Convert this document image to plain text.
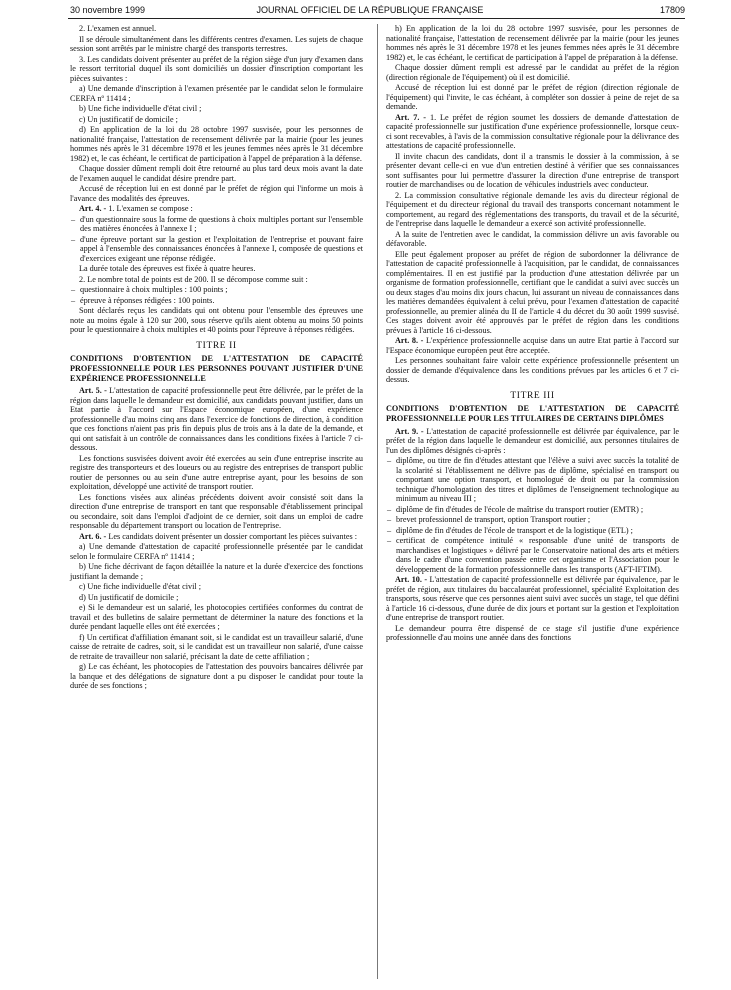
30 novembre 1999	JOURNAL OFFICIEL DE LA RÉPUBLIQUE FRANÇAISE	17809

2. L'examen est annuel.

Il se déroule simultanément dans les différents centres d'examen. Les sujets de chaque session sont arrêtés par le ministre chargé des transports terrestres.

3. Les candidats doivent présenter au préfet de la région siège d'un jury d'examen dans le ressort territorial duquel ils sont domiciliés un dossier d'inscription comportant les pièces suivantes :

a) Une demande d'inscription à l'examen présentée par le candidat selon le formulaire CERFA nº 11414 ;

b) Une fiche individuelle d'état civil ;

c) Un justificatif de domicile ;

d) En application de la loi du 28 octobre 1997 susvisée, pour les personnes de nationalité française, l'attestation de recensement délivrée par la mairie (pour les jeunes hommes nés après le 31 décembre 1978 et les jeunes femmes nées après le 31 décembre 1982) et, le cas échéant, le certificat de participation à l'appel de préparation à la défense.

Chaque dossier dûment rempli doit être retourné au plus tard deux mois avant la date de l'examen auquel le candidat désire prendre part.

Accusé de réception lui en est donné par le préfet de région qui l'informe un mois à l'avance des modalités des épreuves.

Art. 4. - 1. L'examen se compose :

– d'un questionnaire sous la forme de questions à choix multiples portant sur l'ensemble des matières énoncées à l'annexe I ;

– d'une épreuve portant sur la gestion et l'exploitation de l'entreprise et pouvant faire appel à l'ensemble des connaissances énoncées à l'annexe I, composée de questions et d'exercices exigeant une réponse rédigée.

La durée totale des épreuves est fixée à quatre heures.

2. Le nombre total de points est de 200. Il se décompose comme suit :

– questionnaire à choix multiples : 100 points ;

– épreuve à réponses rédigées : 100 points.

Sont déclarés reçus les candidats qui ont obtenu pour l'ensemble des épreuves une note au moins égale à 120 sur 200, sous réserve qu'ils aient obtenu au moins 50 points pour le questionnaire à choix multiples et 40 points pour l'épreuve à réponses rédigées.

TITRE II

CONDITIONS D'OBTENTION DE L'ATTESTATION DE CAPACITÉ PROFESSIONNELLE POUR LES PERSONNES POUVANT JUSTIFIER D'UNE EXPÉRIENCE PROFESSIONNELLE

Art. 5. - L'attestation de capacité professionnelle peut être délivrée, par le préfet de la région dans laquelle le demandeur est domicilié, aux candidats pouvant justifier, dans un Etat partie à l'accord sur l'Espace économique européen, d'une expérience professionnelle d'au moins cinq ans dans l'exercice de fonctions de direction, à condition que ces fonctions n'aient pas pris fin depuis plus de trois ans à la date de la demande, et qui ont satisfait à un contrôle de connaissances dans les conditions fixées à l'article 7 ci-dessous.

Les fonctions susvisées doivent avoir été exercées au sein d'une entreprise inscrite au registre des transporteurs et des loueurs ou au registre des entreprises de transport public routier de personnes ou au sein d'une autre entreprise ayant, pour les besoins de son exploitation, développé une activité de transport routier.

Les fonctions visées aux alinéas précédents doivent avoir consisté soit dans la direction d'une entreprise de transport en tant que responsable d'établissement principal ou secondaire, soit dans l'emploi d'adjoint de ce dernier, soit dans un emploi de cadre responsable du département transport ou location de l'entreprise.

Art. 6. - Les candidats doivent présenter un dossier comportant les pièces suivantes :

a) Une demande d'attestation de capacité professionnelle présentée par le candidat selon le formulaire CERFA nº 11414 ;

b) Une fiche décrivant de façon détaillée la nature et la durée d'exercice des fonctions justifiant la demande ;

c) Une fiche individuelle d'état civil ;

d) Un justificatif de domicile ;

e) Si le demandeur est un salarié, les photocopies certifiées conformes du contrat de travail et des bulletins de salaire permettant de déterminer la nature des fonctions et la durée pendant laquelle elles ont été exercées ;

f) Un certificat d'affiliation émanant soit, si le candidat est un travailleur salarié, d'une caisse de retraite de cadres, soit, si le candidat est un travailleur non salarié, d'une caisse de retraite de travailleur non salarié, précisant la date de cette affiliation ;

g) Le cas échéant, les photocopies de l'attestation des pouvoirs bancaires délivrée par la banque et des délégations de signature dont a pu disposer le candidat pour toute la durée de ses fonctions ;

h) En application de la loi du 28 octobre 1997 susvisée, pour les personnes de nationalité française, l'attestation de recensement délivrée par la mairie (pour les jeunes hommes nés après le 31 décembre 1978 et les jeunes femmes nées après le 31 décembre 1982) et, le cas échéant, le certificat de participation à l'appel de préparation à la défense.

Chaque dossier dûment rempli est adressé par le candidat au préfet de la région (direction régionale de l'équipement) où il est domicilié.

Accusé de réception lui est donné par le préfet de région (direction régionale de l'équipement) qui l'invite, le cas échéant, à compléter son dossier à peine de rejet de sa demande.

Art. 7. - 1. Le préfet de région soumet les dossiers de demande d'attestation de capacité professionnelle sur justification d'une expérience professionnelle, lorsque ceux-ci sont recevables, à l'avis de la commission consultative régionale pour la délivrance des attestations de capacité professionnelle.

Il invite chacun des candidats, dont il a transmis le dossier à la commission, à se présenter devant celle-ci en vue d'un entretien destiné à vérifier que ses connaissances sont suffisantes pour lui permettre d'assurer la direction d'une entreprise de transport routier de marchandises ou de location de véhicules industriels avec conducteur.

2. La commission consultative régionale demande les avis du directeur régional de l'équipement et du directeur régional du travail des transports concernant notamment le comportement, au regard des réglementations des transports, du travail et de la sécurité, de l'entreprise dans laquelle le demandeur a exercé son activité professionnelle.

A la suite de l'entretien avec le candidat, la commission délivre un avis favorable ou défavorable.

Elle peut également proposer au préfet de région de subordonner la délivrance de l'attestation de capacité professionnelle à l'acquisition, par le candidat, de connaissances complémentaires. Il en est justifié par la production d'une attestation délivrée par un organisme de formation professionnelle, certifiant que le candidat a suivi avec succès un ou deux stages d'au moins dix jours chacun, lui assurant un niveau de connaissances dans les matières demandées équivalent à celui prévu, pour l'examen d'attestation de capacité professionnelle, au premier alinéa du II de l'article 4 du décret du 30 août 1999 susvisé. Ces stages doivent avoir été approuvés par le préfet de région dans les conditions prévues à l'article 16 ci-dessous.

Art. 8. - L'expérience professionnelle acquise dans un autre Etat partie à l'accord sur l'Espace économique européen peut être acceptée.

Les personnes souhaitant faire valoir cette expérience professionnelle présentent un dossier de demande d'équivalence dans les conditions prévues par les articles 6 et 7 ci-dessus.

TITRE III

CONDITIONS D'OBTENTION DE L'ATTESTATION DE CAPACITÉ PROFESSIONNELLE POUR LES TITULAIRES DE CERTAINS DIPLÔMES

Art. 9. - L'attestation de capacité professionnelle est délivrée par équivalence, par le préfet de la région dans laquelle le demandeur est domicilié, aux personnes titulaires de l'un des diplômes désignés ci-après :

– diplôme, ou titre de fin d'études attestant que l'élève a suivi avec succès la totalité de la scolarité si l'établissement ne délivre pas de diplôme, spécialisé en transport ou comportant une option transport, et homologué de droit ou par la commission technique d'homologation des titres et diplômes de l'enseignement technologique au minimum au niveau III ;

– diplôme de fin d'études de l'école de maîtrise du transport routier (EMTR) ;

– brevet professionnel de transport, option Transport routier ;

– diplôme de fin d'études de l'école de transport et de la logistique (ETL) ;

– certificat de compétence intitulé « responsable d'une unité de transports de marchandises et logistiques » délivré par le Conservatoire national des arts et métiers dans le cadre d'une convention passée entre cet organisme et l'Association pour le développement de la formation professionnelle dans les transports (AFT-IFTIM).

Art. 10. - L'attestation de capacité professionnelle est délivrée par équivalence, par le préfet de région, aux titulaires du baccalauréat professionnel, spécialité Exploitation des transports, sous réserve que ces personnes aient suivi avec succès un stage, tel que défini à l'article 16 ci-dessous, d'une durée de dix jours et portant sur la gestion et l'exploitation d'une entreprise de transport routier.

Le demandeur pourra être dispensé de ce stage s'il justifie d'une expérience professionnelle d'au moins une année dans des fonctions
